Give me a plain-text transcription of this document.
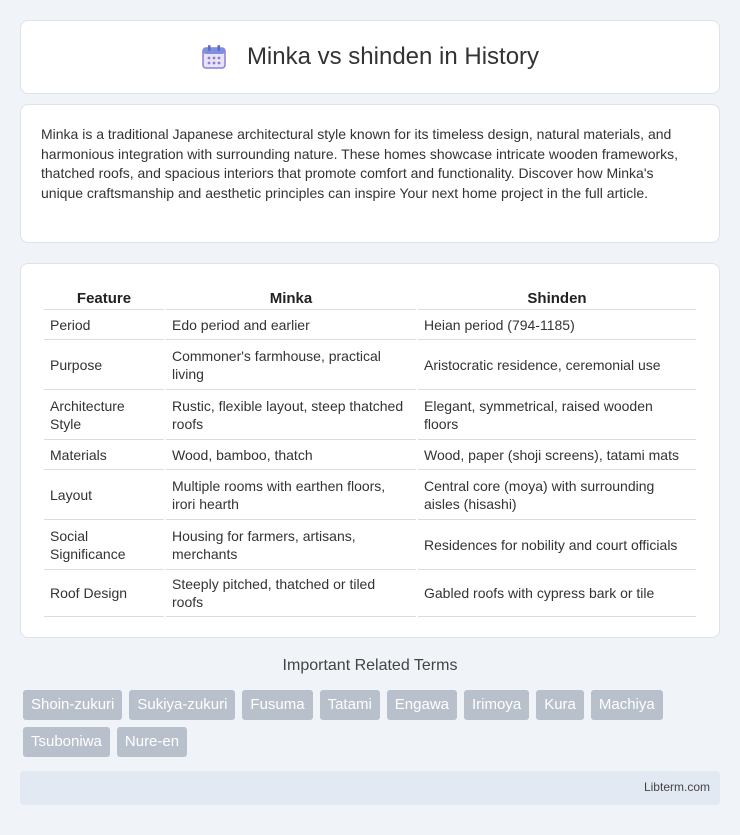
Minka vs shinden in History

Minka is a traditional Japanese architectural style known for its timeless design, natural materials, and harmonious integration with surrounding nature. These homes showcase intricate wooden frameworks, thatched roofs, and spacious interiors that promote comfort and functionality. Discover how Minka's unique craftsmanship and aesthetic principles can inspire Your next home project in the full article.

Feature	Minka	Shinden
Period	Edo period and earlier	Heian period (794-1185)
Purpose	Commoner's farmhouse, practical living	Aristocratic residence, ceremonial use
Architecture Style	Rustic, flexible layout, steep thatched roofs	Elegant, symmetrical, raised wooden floors
Materials	Wood, bamboo, thatch	Wood, paper (shoji screens), tatami mats
Layout	Multiple rooms with earthen floors, irori hearth	Central core (moya) with surrounding aisles (hisashi)
Social Significance	Housing for farmers, artisans, merchants	Residences for nobility and court officials
Roof Design	Steeply pitched, thatched or tiled roofs	Gabled roofs with cypress bark or tile
Important Related Terms
Shoin-zukuri	Sukiya-zukuri	Fusuma	Tatami	Engawa	Irimoya	Kura	Machiya
Tsuboniwa	Nure-en
Libterm.com
